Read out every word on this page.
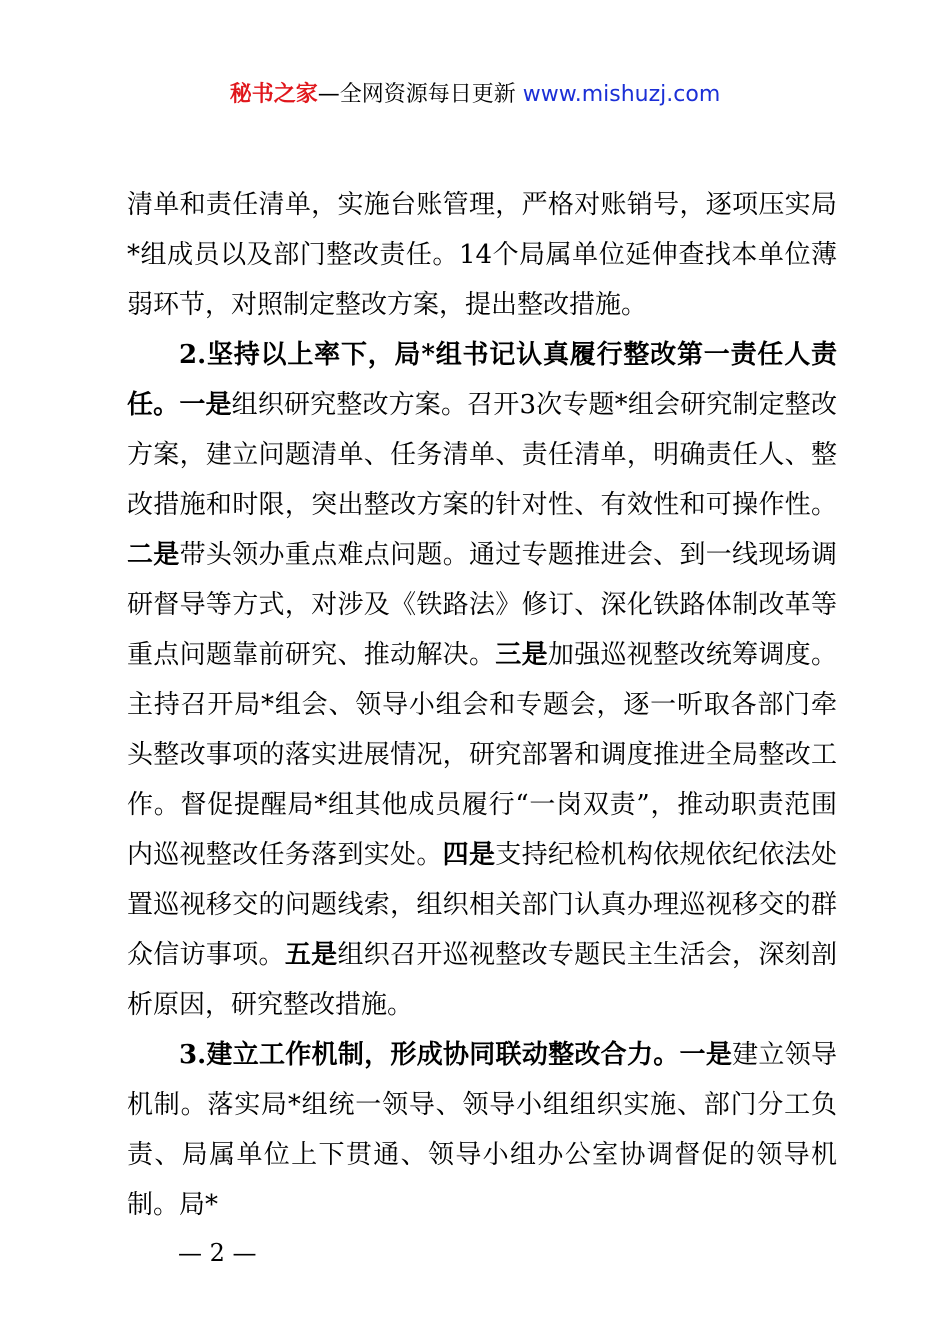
秘书之家—全网资源每日更新 www.mishuzj.com

清单和责任清单，实施台账管理，严格对账销号，逐项压实局*组成员以及部门整改责任。14个局属单位延伸查找本单位薄弱环节，对照制定整改方案，提出整改措施。

2.坚持以上率下，局*组书记认真履行整改第一责任人责任。一是组织研究整改方案。召开3次专题*组会研究制定整改方案，建立问题清单、任务清单、责任清单，明确责任人、整改措施和时限，突出整改方案的针对性、有效性和可操作性。二是带头领办重点难点问题。通过专题推进会、到一线现场调研督导等方式，对涉及《铁路法》修订、深化铁路体制改革等重点问题靠前研究、推动解决。三是加强巡视整改统筹调度。主持召开局*组会、领导小组会和专题会，逐一听取各部门牵头整改事项的落实进展情况，研究部署和调度推进全局整改工作。督促提醒局*组其他成员履行“一岗双责”，推动职责范围内巡视整改任务落到实处。四是支持纪检机构依规依纪依法处置巡视移交的问题线索，组织相关部门认真办理巡视移交的群众信访事项。五是组织召开巡视整改专题民主生活会，深刻剖析原因，研究整改措施。

3.建立工作机制，形成协同联动整改合力。一是建立领导机制。落实局*组统一领导、领导小组组织实施、部门分工负责、局属单位上下贯通、领导小组办公室协调督促的领导机制。局*

— 2 —
